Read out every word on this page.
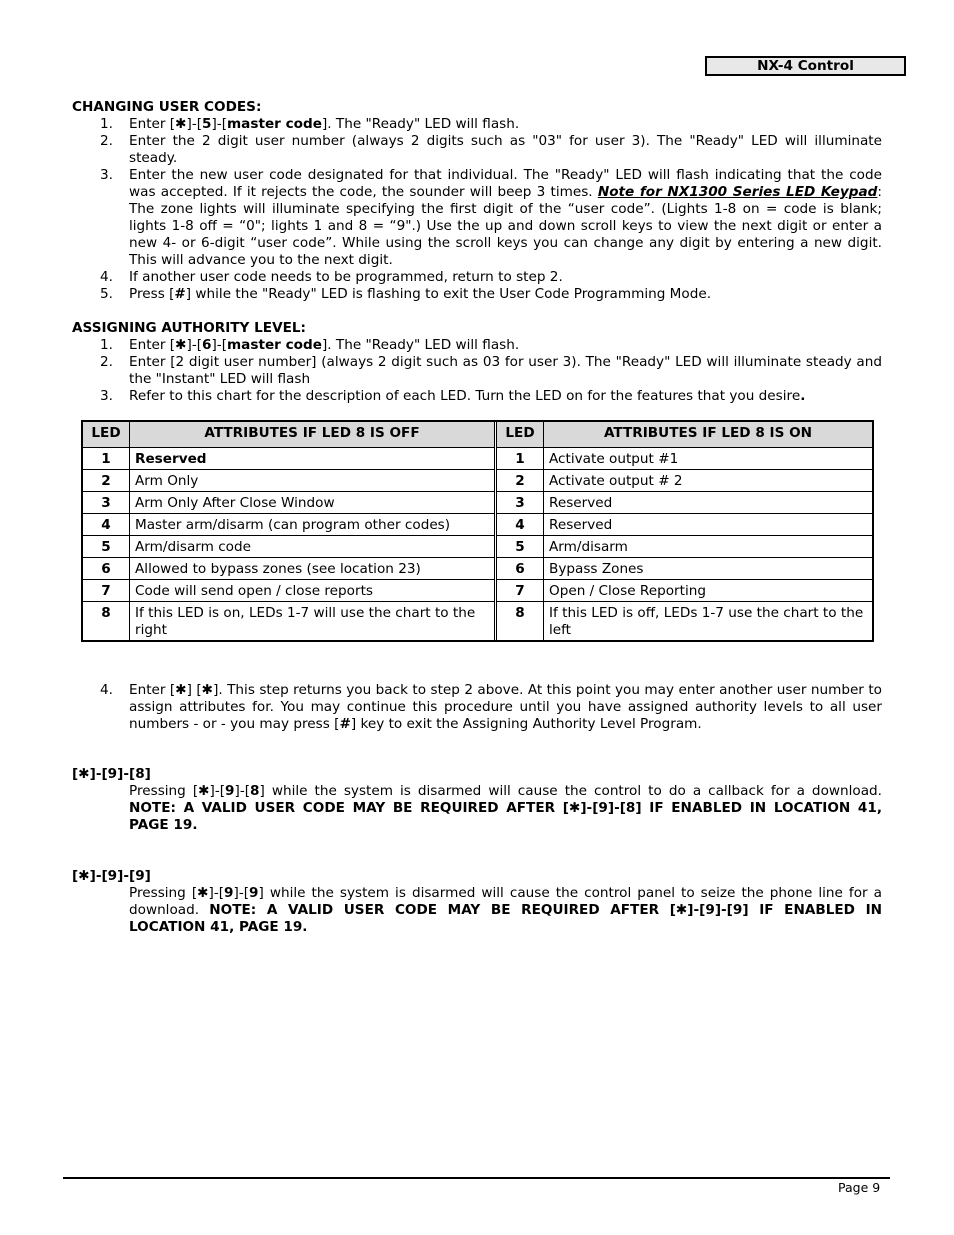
NX-4 Control
CHANGING USER CODES:
1. Enter [✱]-[5]-[master code]. The "Ready" LED will flash.
2. Enter the 2 digit user number (always 2 digits such as "03" for user 3). The "Ready" LED will illuminate steady.
3. Enter the new user code designated for that individual. The "Ready" LED will flash indicating that the code was accepted. If it rejects the code, the sounder will beep 3 times. Note for NX1300 Series LED Keypad: The zone lights will illuminate specifying the first digit of the “user code”. (Lights 1-8 on = code is blank; lights 1-8 off = “0"; lights 1 and 8 = “9".) Use the up and down scroll keys to view the next digit or enter a new 4- or 6-digit “user code”. While using the scroll keys you can change any digit by entering a new digit. This will advance you to the next digit.
4. If another user code needs to be programmed, return to step 2.
5. Press [#] while the "Ready" LED is flashing to exit the User Code Programming Mode.
ASSIGNING AUTHORITY LEVEL:
1. Enter [✱]-[6]-[master code]. The "Ready" LED will flash.
2. Enter [2 digit user number] (always 2 digit such as 03 for user 3). The "Ready" LED will illuminate steady and the "Instant" LED will flash
3. Refer to this chart for the description of each LED. Turn the LED on for the features that you desire.
4. Enter [✱] [✱]. This step returns you back to step 2 above. At this point you may enter another user number to assign attributes for. You may continue this procedure until you have assigned authority levels to all user numbers - or - you may press [#] key to exit the Assigning Authority Level Program.
[✱]-[9]-[8]
Pressing [✱]-[9]-[8] while the system is disarmed will cause the control to do a callback for a download. NOTE: A VALID USER CODE MAY BE REQUIRED AFTER [✱]-[9]-[8] IF ENABLED IN LOCATION 41, PAGE 19.
[✱]-[9]-[9]
Pressing [✱]-[9]-[9] while the system is disarmed will cause the control panel to seize the phone line for a download. NOTE: A VALID USER CODE MAY BE REQUIRED AFTER [✱]-[9]-[9] IF ENABLED IN LOCATION 41, PAGE 19.
LED	ATTRIBUTES IF LED 8 IS OFF		LED	ATTRIBUTES IF LED 8 IS ON
1	Reserved		1	Activate output #1
2	Arm Only		2	Activate output # 2
3	Arm Only After Close Window		3	Reserved
4	Master arm/disarm (can program other codes)		4	Reserved
5	Arm/disarm code		5	Arm/disarm
6	Allowed to bypass zones (see location 23)		6	Bypass Zones
7	Code will send open / close reports		7	Open / Close Reporting
8	If this LED is on, LEDs 1-7 will use the chart to the right		8	If this LED is off, LEDs 1-7 use the chart to the left
Page 9
